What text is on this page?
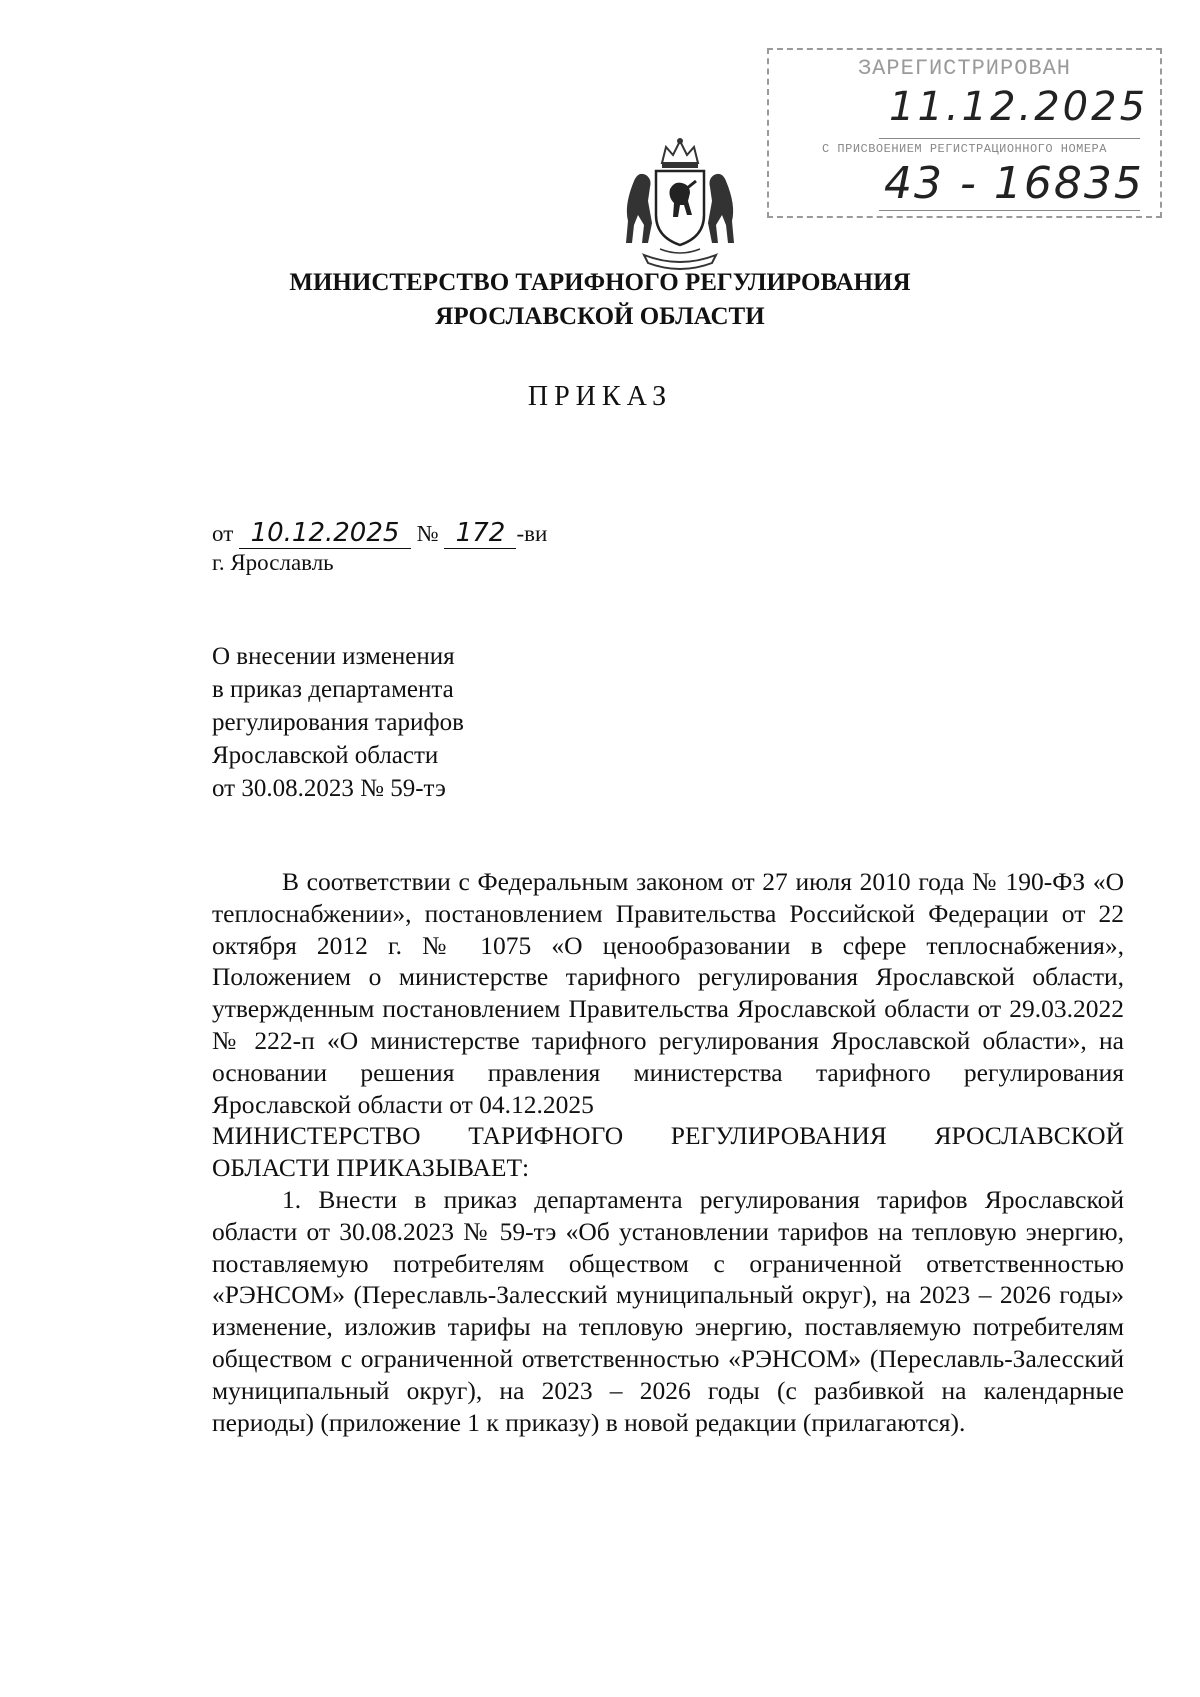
ЗАРЕГИСТРИРОВАН
11.12.2025
С ПРИСВОЕНИЕМ РЕГИСТРАЦИОННОГО НОМЕРА
43 - 16835
МИНИСТЕРСТВО ТАРИФНОГО РЕГУЛИРОВАНИЯ
ЯРОСЛАВСКОЙ ОБЛАСТИ
ПРИКАЗ
от 10.12.2025 № 172 -ви
г. Ярославль
О внесении изменения
в приказ департамента
регулирования тарифов
Ярославской области
от 30.08.2023 № 59-тэ

В соответствии с Федеральным законом от 27 июля 2010 года № 190-ФЗ «О теплоснабжении», постановлением Правительства Российской Федерации от 22 октября 2012 г. № 1075 «О ценообразовании в сфере теплоснабжения», Положением о министерстве тарифного регулирования Ярославской области, утвержденным постановлением Правительства Ярославской области от 29.03.2022 № 222-п «О министерстве тарифного регулирования Ярославской области», на основании решения правления министерства тарифного регулирования Ярославской области от 04.12.2025

МИНИСТЕРСТВО ТАРИФНОГО РЕГУЛИРОВАНИЯ ЯРОСЛАВСКОЙ ОБЛАСТИ ПРИКАЗЫВАЕТ:

1. Внести в приказ департамента регулирования тарифов Ярославской области от 30.08.2023 № 59-тэ «Об установлении тарифов на тепловую энергию, поставляемую потребителям обществом с ограниченной ответственностью «РЭНСОМ» (Переславль-Залесский муниципальный округ), на 2023 – 2026 годы» изменение, изложив тарифы на тепловую энергию, поставляемую потребителям обществом с ограниченной ответственностью «РЭНСОМ» (Переславль-Залесский муниципальный округ), на 2023 – 2026 годы (с разбивкой на календарные периоды) (приложение 1 к приказу) в новой редакции (прилагаются).
